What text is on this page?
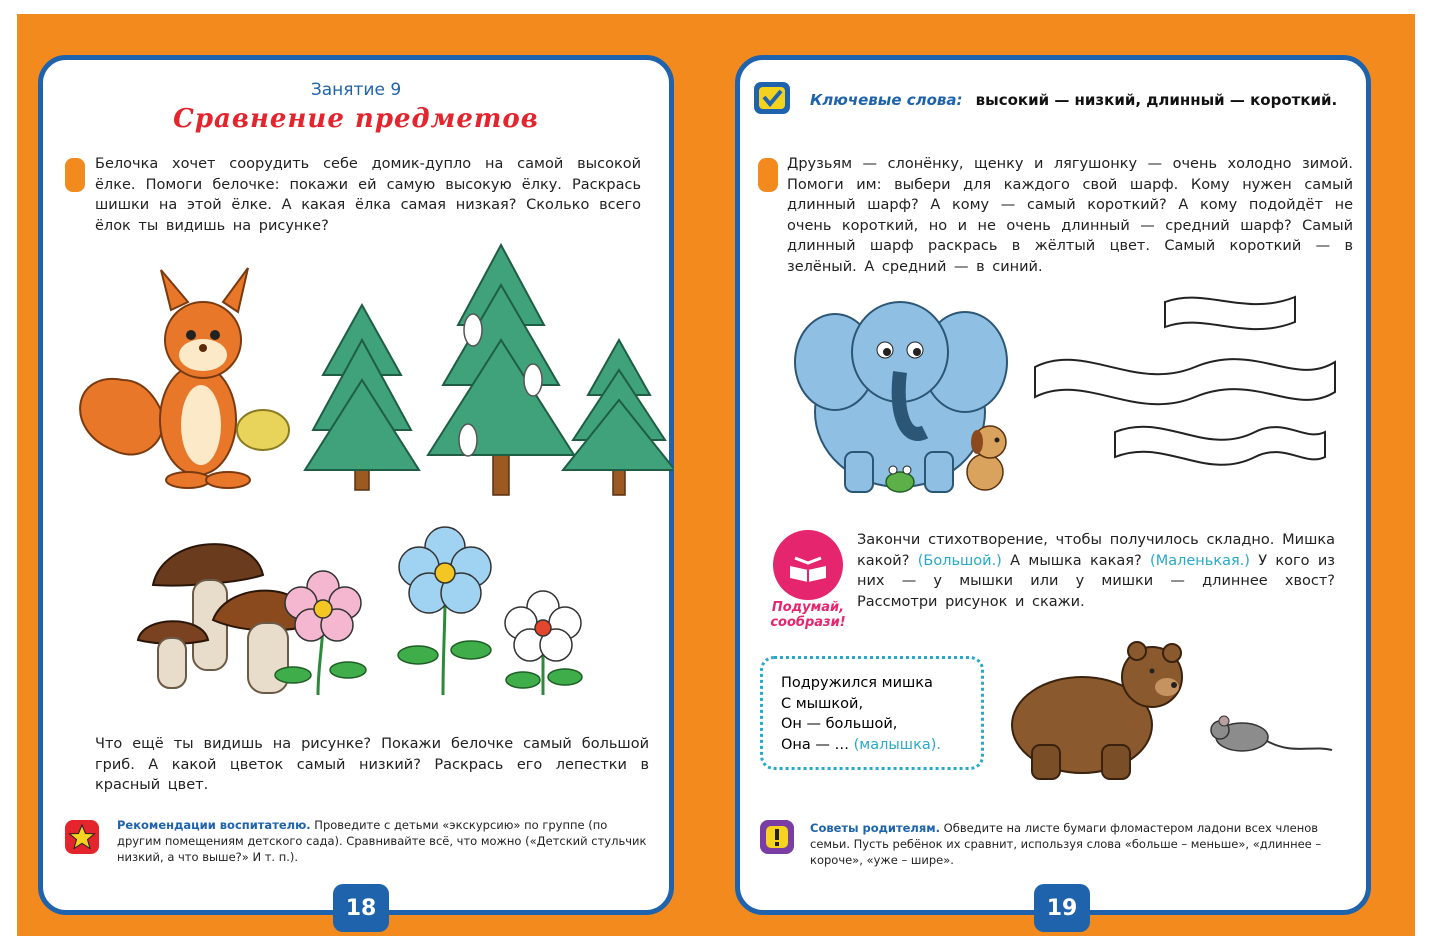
Занятие 9
Сравнение предметов
Белочка хочет соорудить себе домик-дупло на самой высокой ёлке. Помоги белочке: покажи ей самую высокую ёлку. Раскрась шишки на этой ёлке. А какая ёлка самая низкая? Сколько всего ёлок ты видишь на рисунке?
Что ещё ты видишь на рисунке? Покажи белочке самый большой гриб. А какой цветок самый низкий? Раскрась его лепестки в красный цвет.
Рекомендации воспитателю. Проведите с детьми «экскурсию» по группе (по другим помещениям детского сада). Сравнивайте всё, что можно («Детский стульчик низкий, а что выше?» И т. п.).
18
Ключевые слова: высокий — низкий, длинный — короткий.
Друзьям — слонёнку, щенку и лягушонку — очень холодно зимой. Помоги им: выбери для каждого свой шарф. Кому нужен самый длинный шарф? А кому — самый короткий? А кому подойдёт не очень короткий, но и не очень длинный — средний шарф? Самый длинный шарф раскрась в жёлтый цвет. Самый короткий — в зелёный. А средний — в синий.
Подумай,
сообрази!
Закончи стихотворение, чтобы получилось складно. Мишка какой? (Большой.) А мышка какая? (Маленькая.) У кого из них — у мышки или у мишки — длиннее хвост? Рассмотри рисунок и скажи.
Подружился мишка
С мышкой,
Он — большой,
Она — … (малышка).
Советы родителям. Обведите на листе бумаги фломастером ладони всех членов семьи. Пусть ребёнок их сравнит, используя слова «больше – меньше», «длиннее – короче», «уже – шире».
19
